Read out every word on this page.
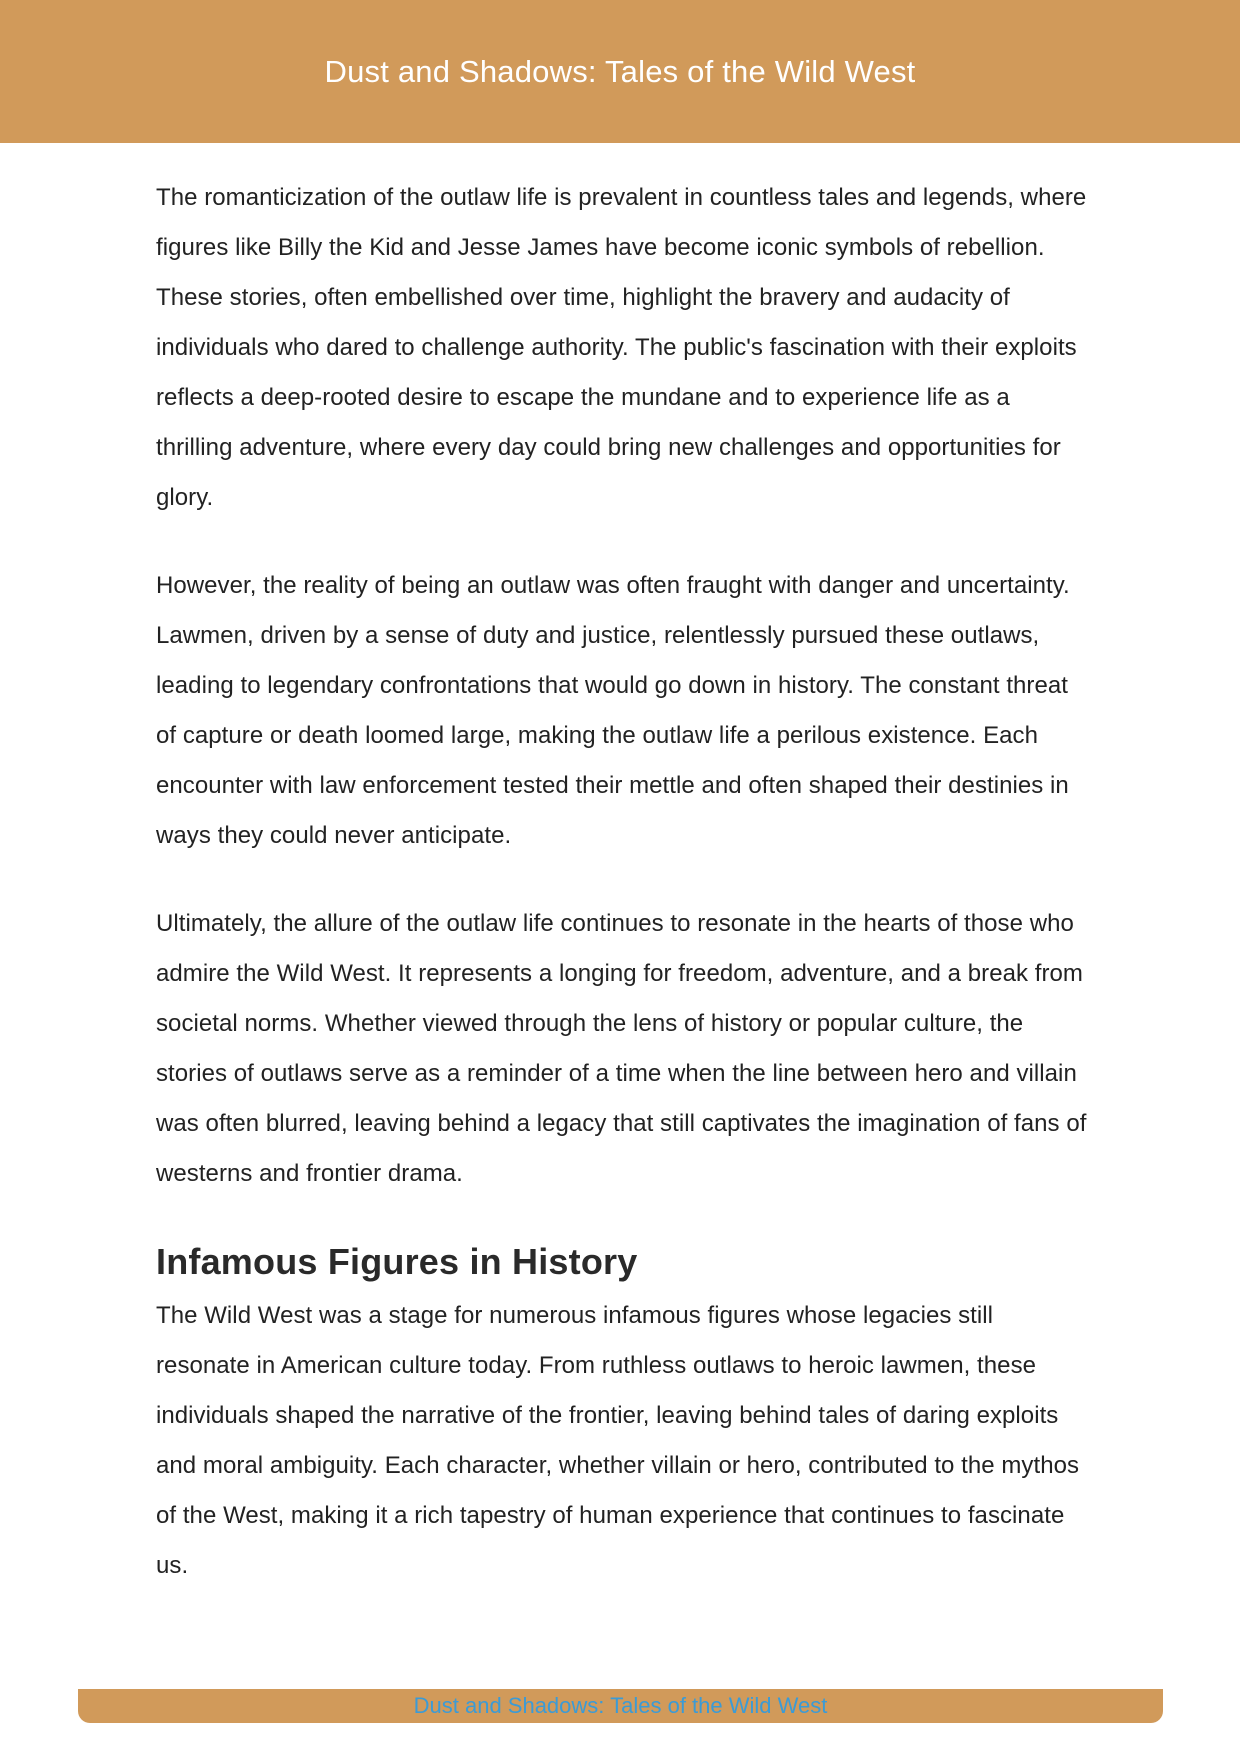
Dust and Shadows: Tales of the Wild West

The romanticization of the outlaw life is prevalent in countless tales and legends, where figures like Billy the Kid and Jesse James have become iconic symbols of rebellion. These stories, often embellished over time, highlight the bravery and audacity of individuals who dared to challenge authority. The public's fascination with their exploits reflects a deep-rooted desire to escape the mundane and to experience life as a thrilling adventure, where every day could bring new challenges and opportunities for glory.

However, the reality of being an outlaw was often fraught with danger and uncertainty. Lawmen, driven by a sense of duty and justice, relentlessly pursued these outlaws, leading to legendary confrontations that would go down in history. The constant threat of capture or death loomed large, making the outlaw life a perilous existence. Each encounter with law enforcement tested their mettle and often shaped their destinies in ways they could never anticipate.

Ultimately, the allure of the outlaw life continues to resonate in the hearts of those who admire the Wild West. It represents a longing for freedom, adventure, and a break from societal norms. Whether viewed through the lens of history or popular culture, the stories of outlaws serve as a reminder of a time when the line between hero and villain was often blurred, leaving behind a legacy that still captivates the imagination of fans of westerns and frontier drama.

Infamous Figures in History

The Wild West was a stage for numerous infamous figures whose legacies still resonate in American culture today. From ruthless outlaws to heroic lawmen, these individuals shaped the narrative of the frontier, leaving behind tales of daring exploits and moral ambiguity. Each character, whether villain or hero, contributed to the mythos of the West, making it a rich tapestry of human experience that continues to fascinate us.

Dust and Shadows: Tales of the Wild West
